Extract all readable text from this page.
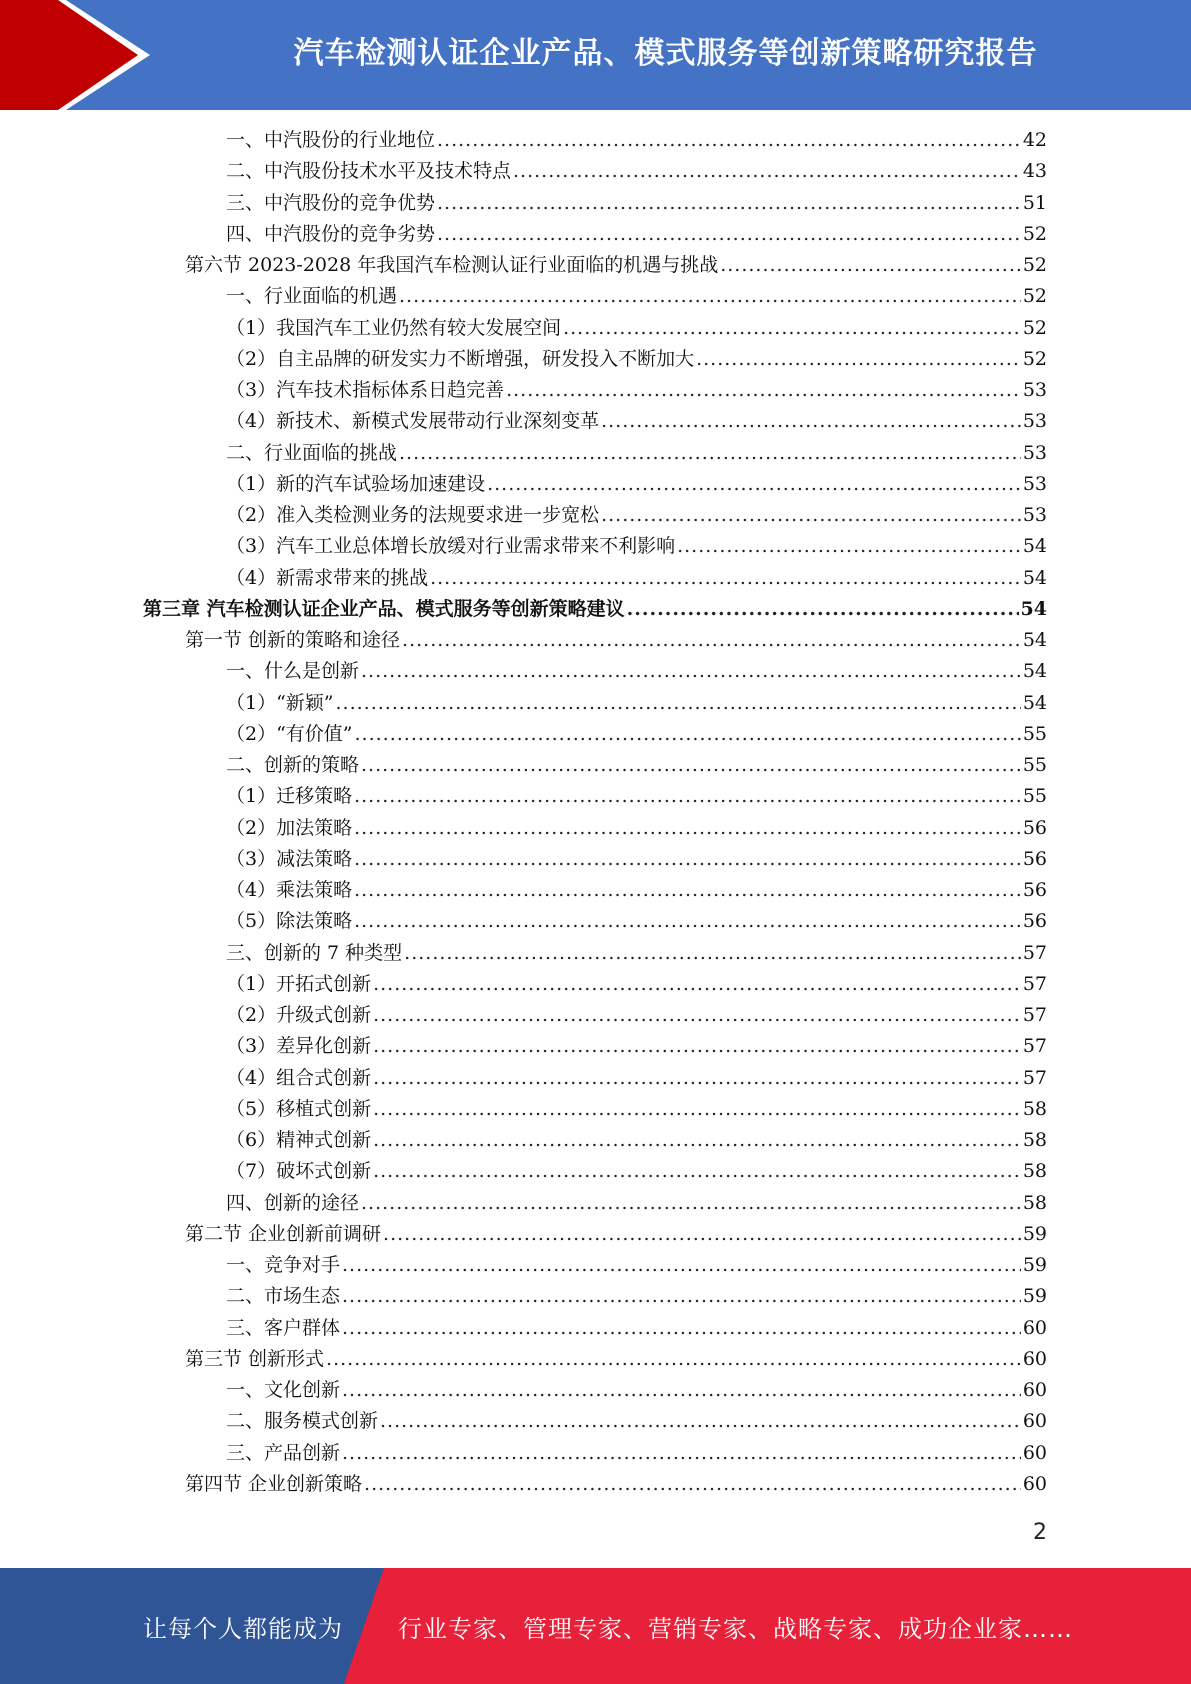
汽车检测认证企业产品、模式服务等创新策略研究报告
一、中汽股份的行业地位 .....	42
二、中汽股份技术水平及技术特点 .....	43
三、中汽股份的竞争优势 .....	51
四、中汽股份的竞争劣势 .....	52
第六节 2023-2028 年我国汽车检测认证行业面临的机遇与挑战 .....	52
一、行业面临的机遇 .....	52
（1）我国汽车工业仍然有较大发展空间 .....	52
（2）自主品牌的研发实力不断增强，研发投入不断加大 .....	52
（3）汽车技术指标体系日趋完善 .....	53
（4）新技术、新模式发展带动行业深刻变革 .....	53
二、行业面临的挑战 .....	53
（1）新的汽车试验场加速建设 .....	53
（2）准入类检测业务的法规要求进一步宽松 .....	53
（3）汽车工业总体增长放缓对行业需求带来不利影响 .....	54
（4）新需求带来的挑战 .....	54
第三章 汽车检测认证企业产品、模式服务等创新策略建议 .....	54
第一节 创新的策略和途径 .....	54
一、什么是创新 .....	54
（1）“新颖” .....	54
（2）“有价值” .....	55
二、创新的策略 .....	55
（1）迁移策略 .....	55
（2）加法策略 .....	56
（3）减法策略 .....	56
（4）乘法策略 .....	56
（5）除法策略 .....	56
三、创新的 7 种类型 .....	57
（1）开拓式创新 .....	57
（2）升级式创新 .....	57
（3）差异化创新 .....	57
（4）组合式创新 .....	57
（5）移植式创新 .....	58
（6）精神式创新 .....	58
（7）破坏式创新 .....	58
四、创新的途径 .....	58
第二节 企业创新前调研 .....	59
一、竞争对手 .....	59
二、市场生态 .....	59
三、客户群体 .....	60
第三节 创新形式 .....	60
一、文化创新 .....	60
二、服务模式创新 .....	60
三、产品创新 .....	60
第四节 企业创新策略 .....	60
2
让每个人都能成为 行业专家、管理专家、营销专家、战略专家、成功企业家……
